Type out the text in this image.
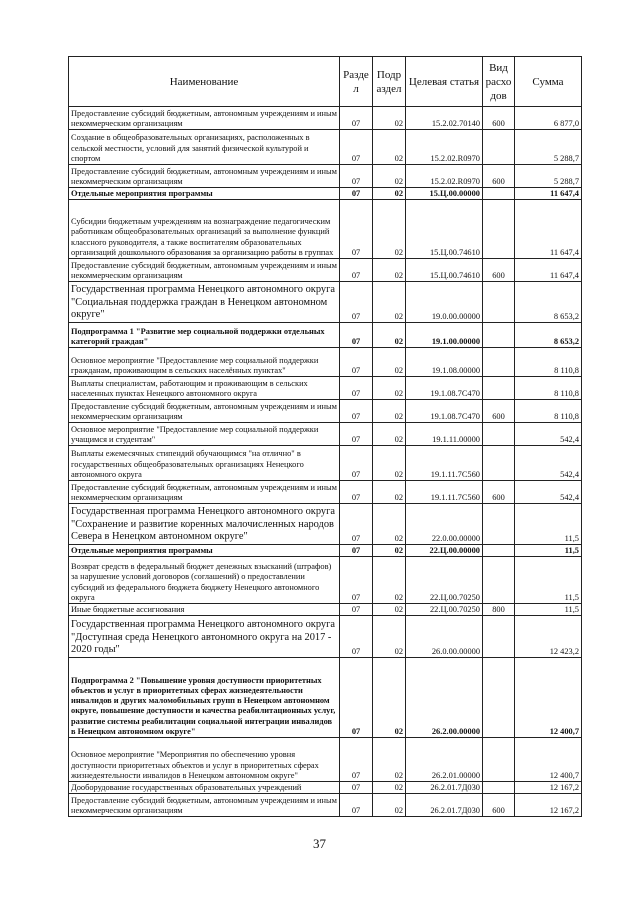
Наименование	Разде л	Подр аздел	Целевая статья	Вид расхо дов	Сумма
Предоставление субсидий бюджетным, автономным учреждениям и иным некоммерческим организациям	07	02	15.2.02.70140	600	6 877,0
Создание в общеобразовательных организациях, расположенных в сельской местности, условий для занятий физической культурой и спортом	07	02	15.2.02.R0970		5 288,7
Предоставление субсидий бюджетным, автономным учреждениям и иным некоммерческим организациям	07	02	15.2.02.R0970	600	5 288,7
Отдельные мероприятия программы	07	02	15.Ц.00.00000		11 647,4
Субсидии бюджетным учреждениям на вознаграждение педагогическим работникам общеобразовательных организаций за выполнение функций классного руководителя, а также воспитателям образовательных организаций дошкольного образования за организацию работы в группах	07	02	15.Ц.00.74610		11 647,4
Предоставление субсидий бюджетным, автономным учреждениям и иным некоммерческим организациям	07	02	15.Ц.00.74610	600	11 647,4
Государственная программа Ненецкого автономного округа "Социальная поддержка граждан в Ненецком автономном округе"	07	02	19.0.00.00000		8 653,2
Подпрограмма 1 "Развитие мер социальной поддержки отдельных категорий граждан"	07	02	19.1.00.00000		8 653,2
Основное мероприятие "Предоставление мер социальной поддержки гражданам, проживающим в сельских населённых пунктах"	07	02	19.1.08.00000		8 110,8
Выплаты специалистам, работающим и проживающим в сельских населенных пунктах Ненецкого автономного округа	07	02	19.1.08.7С470		8 110,8
Предоставление субсидий бюджетным, автономным учреждениям и иным некоммерческим организациям	07	02	19.1.08.7С470	600	8 110,8
Основное мероприятие "Предоставление мер социальной поддержки учащимся и студентам"	07	02	19.1.11.00000		542,4
Выплаты ежемесячных стипендий обучающимся "на отлично" в государственных общеобразовательных организациях Ненецкого автономного округа	07	02	19.1.11.7С560		542,4
Предоставление субсидий бюджетным, автономным учреждениям и иным некоммерческим организациям	07	02	19.1.11.7С560	600	542,4
Государственная программа Ненецкого автономного округа "Сохранение и развитие коренных малочисленных народов Севера в Ненецком автономном округе"	07	02	22.0.00.00000		11,5
Отдельные мероприятия программы	07	02	22.Ц.00.00000		11,5
Возврат средств в федеральный бюджет денежных взысканий (штрафов) за нарушение условий договоров (соглашений) о предоставлении субсидий из федерального бюджета бюджету Ненецкого автономного округа	07	02	22.Ц.00.70250		11,5
Иные бюджетные ассигнования	07	02	22.Ц.00.70250	800	11,5
Государственная программа Ненецкого автономного округа "Доступная среда Ненецкого автономного округа на 2017 - 2020 годы"	07	02	26.0.00.00000		12 423,2
Подпрограмма 2 "Повышение уровня доступности приоритетных объектов и услуг в приоритетных сферах жизнедеятельности инвалидов и других маломобильных групп в Ненецком автономном округе, повышение доступности и качества реабилитационных услуг, развитие системы реабилитации социальной интеграции инвалидов в Ненецком автономном округе"	07	02	26.2.00.00000		12 400,7
Основное мероприятие "Мероприятия по обеспечению уровня доступности приоритетных объектов и услуг в приоритетных сферах жизнедеятельности инвалидов в Ненецком автономном округе"	07	02	26.2.01.00000		12 400,7
Дооборудование государственных образовательных учреждений	07	02	26.2.01.7Д030		12 167,2
Предоставление субсидий бюджетным, автономным учреждениям и иным некоммерческим организациям	07	02	26.2.01.7Д030	600	12 167,2
37
